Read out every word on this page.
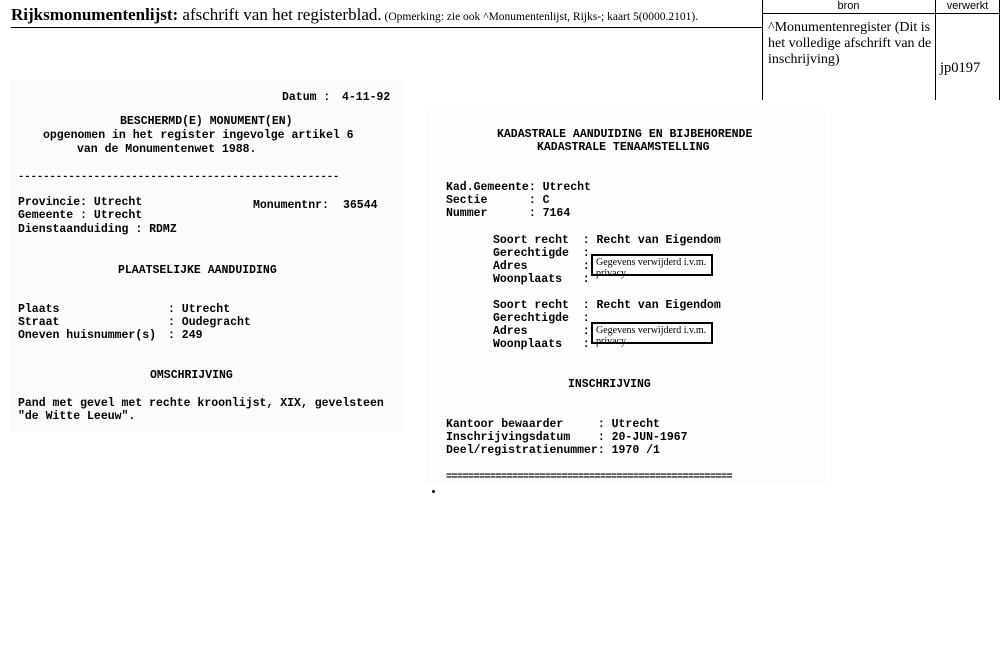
Rijksmonumentenlijst: afschrift van het registerblad. (Opmerking: zie ook ^Monumentenlijst, Rijks-; kaart 5(0000.2101).
bron	verwerkt
^Monumentenregister (Dit is het volledige afschrift van de inschrijving)
jp0197
Datum : 4-11-92
BESCHERMD(E) MONUMENT(EN)
opgenomen in het register ingevolge artikel 6
van de Monumentenwet 1988.
---------------------------------------------------
Provincie: Utrecht	Monumentnr: 36544
Gemeente : Utrecht
Dienstaanduiding : RDMZ
PLAATSELIJKE AANDUIDING
Plaats	: Utrecht
Straat	: Oudegracht
Oneven huisnummer(s) : 249
OMSCHRIJVING
Pand met gevel met rechte kroonlijst, XIX, gevelsteen
"de Witte Leeuw".
KADASTRALE AANDUIDING EN BIJBEHORENDE
KADASTRALE TENAAMSTELLING
Kad.Gemeente: Utrecht
Sectie      : C
Nummer      : 7164
Soort recht  : Recht van Eigendom
Gerechtigde  :
Adres        :
Woonplaats   :
Gegevens verwijderd i.v.m. privacy
Soort recht  : Recht van Eigendom
Gerechtigde  :
Adres        :
Woonplaats   :
Gegevens verwijderd i.v.m. privacy
INSCHRIJVING
Kantoor bewaarder     : Utrecht
Inschrijvingsdatum    : 20-JUN-1967
Deel/registratienummer: 1970 /1
====================================================
